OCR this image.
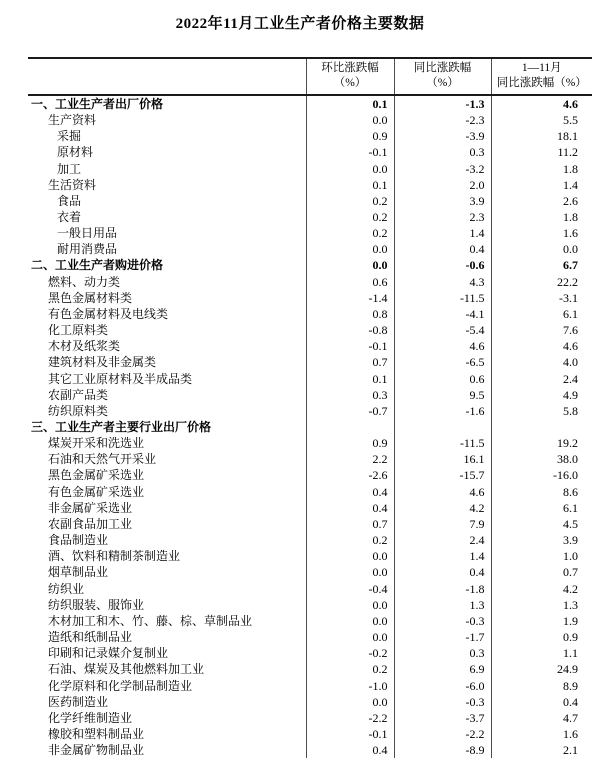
2022年11月工业生产者价格主要数据

环比涨跌幅
（%）

同比涨跌幅
（%）

1—11月
同比涨跌幅（%）

一、工业生产者出厂价格	0.1	-1.3	4.6
生产资料	0.0	-2.3	5.5
采掘	0.9	-3.9	18.1
原材料	-0.1	0.3	11.2
加工	0.0	-3.2	1.8
生活资料	0.1	2.0	1.4
食品	0.2	3.9	2.6
衣着	0.2	2.3	1.8
一般日用品	0.2	1.4	1.6
耐用消费品	0.0	0.4	0.0
二、工业生产者购进价格	0.0	-0.6	6.7
燃料、动力类	0.6	4.3	22.2
黑色金属材料类	-1.4	-11.5	-3.1
有色金属材料及电线类	0.8	-4.1	6.1
化工原料类	-0.8	-5.4	7.6
木材及纸浆类	-0.1	4.6	4.6
建筑材料及非金属类	0.7	-6.5	4.0
其它工业原材料及半成品类	0.1	0.6	2.4
农副产品类	0.3	9.5	4.9
纺织原料类	-0.7	-1.6	5.8
三、工业生产者主要行业出厂价格			
煤炭开采和洗选业	0.9	-11.5	19.2
石油和天然气开采业	2.2	16.1	38.0
黑色金属矿采选业	-2.6	-15.7	-16.0
有色金属矿采选业	0.4	4.6	8.6
非金属矿采选业	0.4	4.2	6.1
农副食品加工业	0.7	7.9	4.5
食品制造业	0.2	2.4	3.9
酒、饮料和精制茶制造业	0.0	1.4	1.0
烟草制品业	0.0	0.4	0.7
纺织业	-0.4	-1.8	4.2
纺织服装、服饰业	0.0	1.3	1.3
木材加工和木、竹、藤、棕、草制品业	0.0	-0.3	1.9
造纸和纸制品业	0.0	-1.7	0.9
印刷和记录媒介复制业	-0.2	0.3	1.1
石油、煤炭及其他燃料加工业	0.2	6.9	24.9
化学原料和化学制品制造业	-1.0	-6.0	8.9
医药制造业	0.0	-0.3	0.4
化学纤维制造业	-2.2	-3.7	4.7
橡胶和塑料制品业	-0.1	-2.2	1.6
非金属矿物制品业	0.4	-8.9	2.1
